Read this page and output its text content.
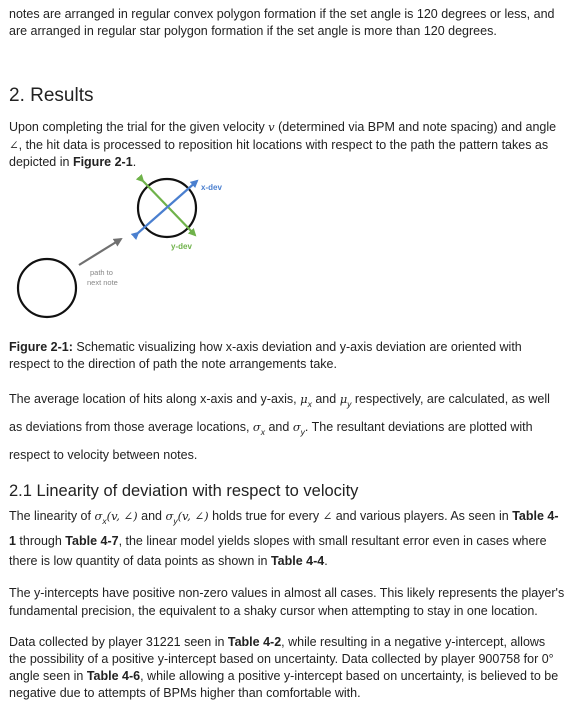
notes are arranged in regular convex polygon formation if the set angle is 120 degrees or less, and are arranged in regular star polygon formation if the set angle is more than 120 degrees.

2. Results

Upon completing the trial for the given velocity v (determined via BPM and note spacing) and angle ∠, the hit data is processed to reposition hit locations with respect to the path the pattern takes as depicted in Figure 2-1.

x-dev
y-dev
path to
next note

Figure 2-1: Schematic visualizing how x-axis deviation and y-axis deviation are oriented with respect to the direction of path the note arrangements take.

The average location of hits along x-axis and y-axis, $\mu_x$ and $\mu_y$ respectively, are calculated, as well as deviations from those average locations, $\sigma_x$ and $\sigma_y$. The resultant deviations are plotted with respect to velocity between notes.

2.1 Linearity of deviation with respect to velocity

The linearity of $\sigma_x(v$, ∠) and $\sigma_y(v$, ∠) holds true for every ∠ and various players. As seen in Table 4-1 through Table 4-7, the linear model yields slopes with small resultant error even in cases where there is low quantity of data points as shown in Table 4-4.

The y-intercepts have positive non-zero values in almost all cases. This likely represents the player's fundamental precision, the equivalent to a shaky cursor when attempting to stay in one location.

Data collected by player 31221 seen in Table 4-2, while resulting in a negative y-intercept, allows the possibility of a positive y-intercept based on uncertainty. Data collected by player 900758 for 0° angle seen in Table 4-6, while allowing a positive y-intercept based on uncertainty, is believed to be negative due to attempts of BPMs higher than comfortable with.
